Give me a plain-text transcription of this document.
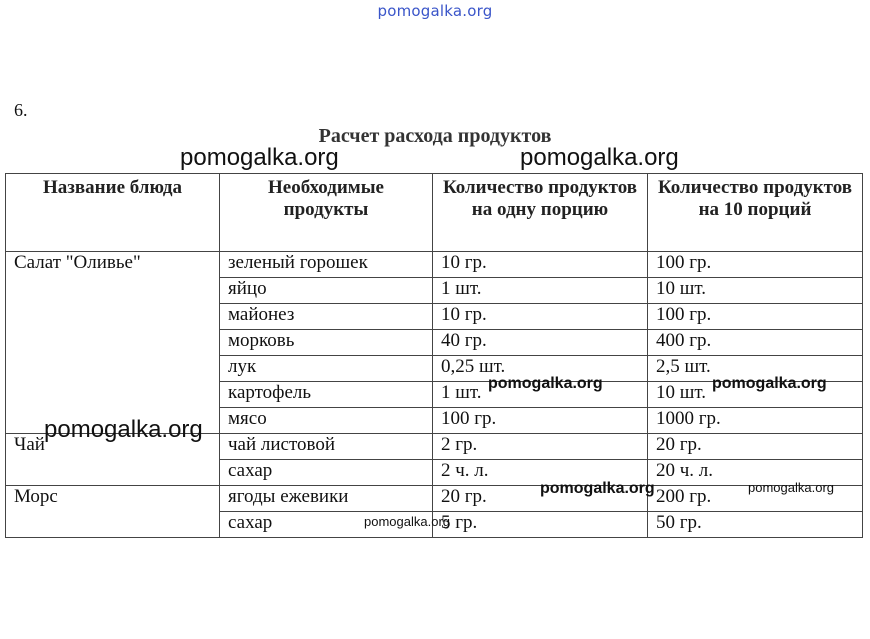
pomogalka.org
6.
Расчет расхода продуктов
Название блюда	Необходимые продукты	Количество продуктов на одну порцию	Количество продуктов на 10 порций
Салат "Оливье"	зеленый горошек	10 гр.	100 гр.
	яйцо	1 шт.	10 шт.
	майонез	10 гр.	100 гр.
	морковь	40 гр.	400 гр.
	лук	0,25 шт.	2,5 шт.
	картофель	1 шт.	10 шт.
	мясо	100 гр.	1000 гр.
Чай	чай листовой	2 гр.	20 гр.
	сахар	2 ч. л.	20 ч. л.
Морс	ягоды ежевики	20 гр.	200 гр.
	сахар	5 гр.	50 гр.
pomogalka.org	pomogalka.org
pomogalka.org	pomogalka.org
pomogalka.org
pomogalka.org	pomogalka.org
pomogalka.org
